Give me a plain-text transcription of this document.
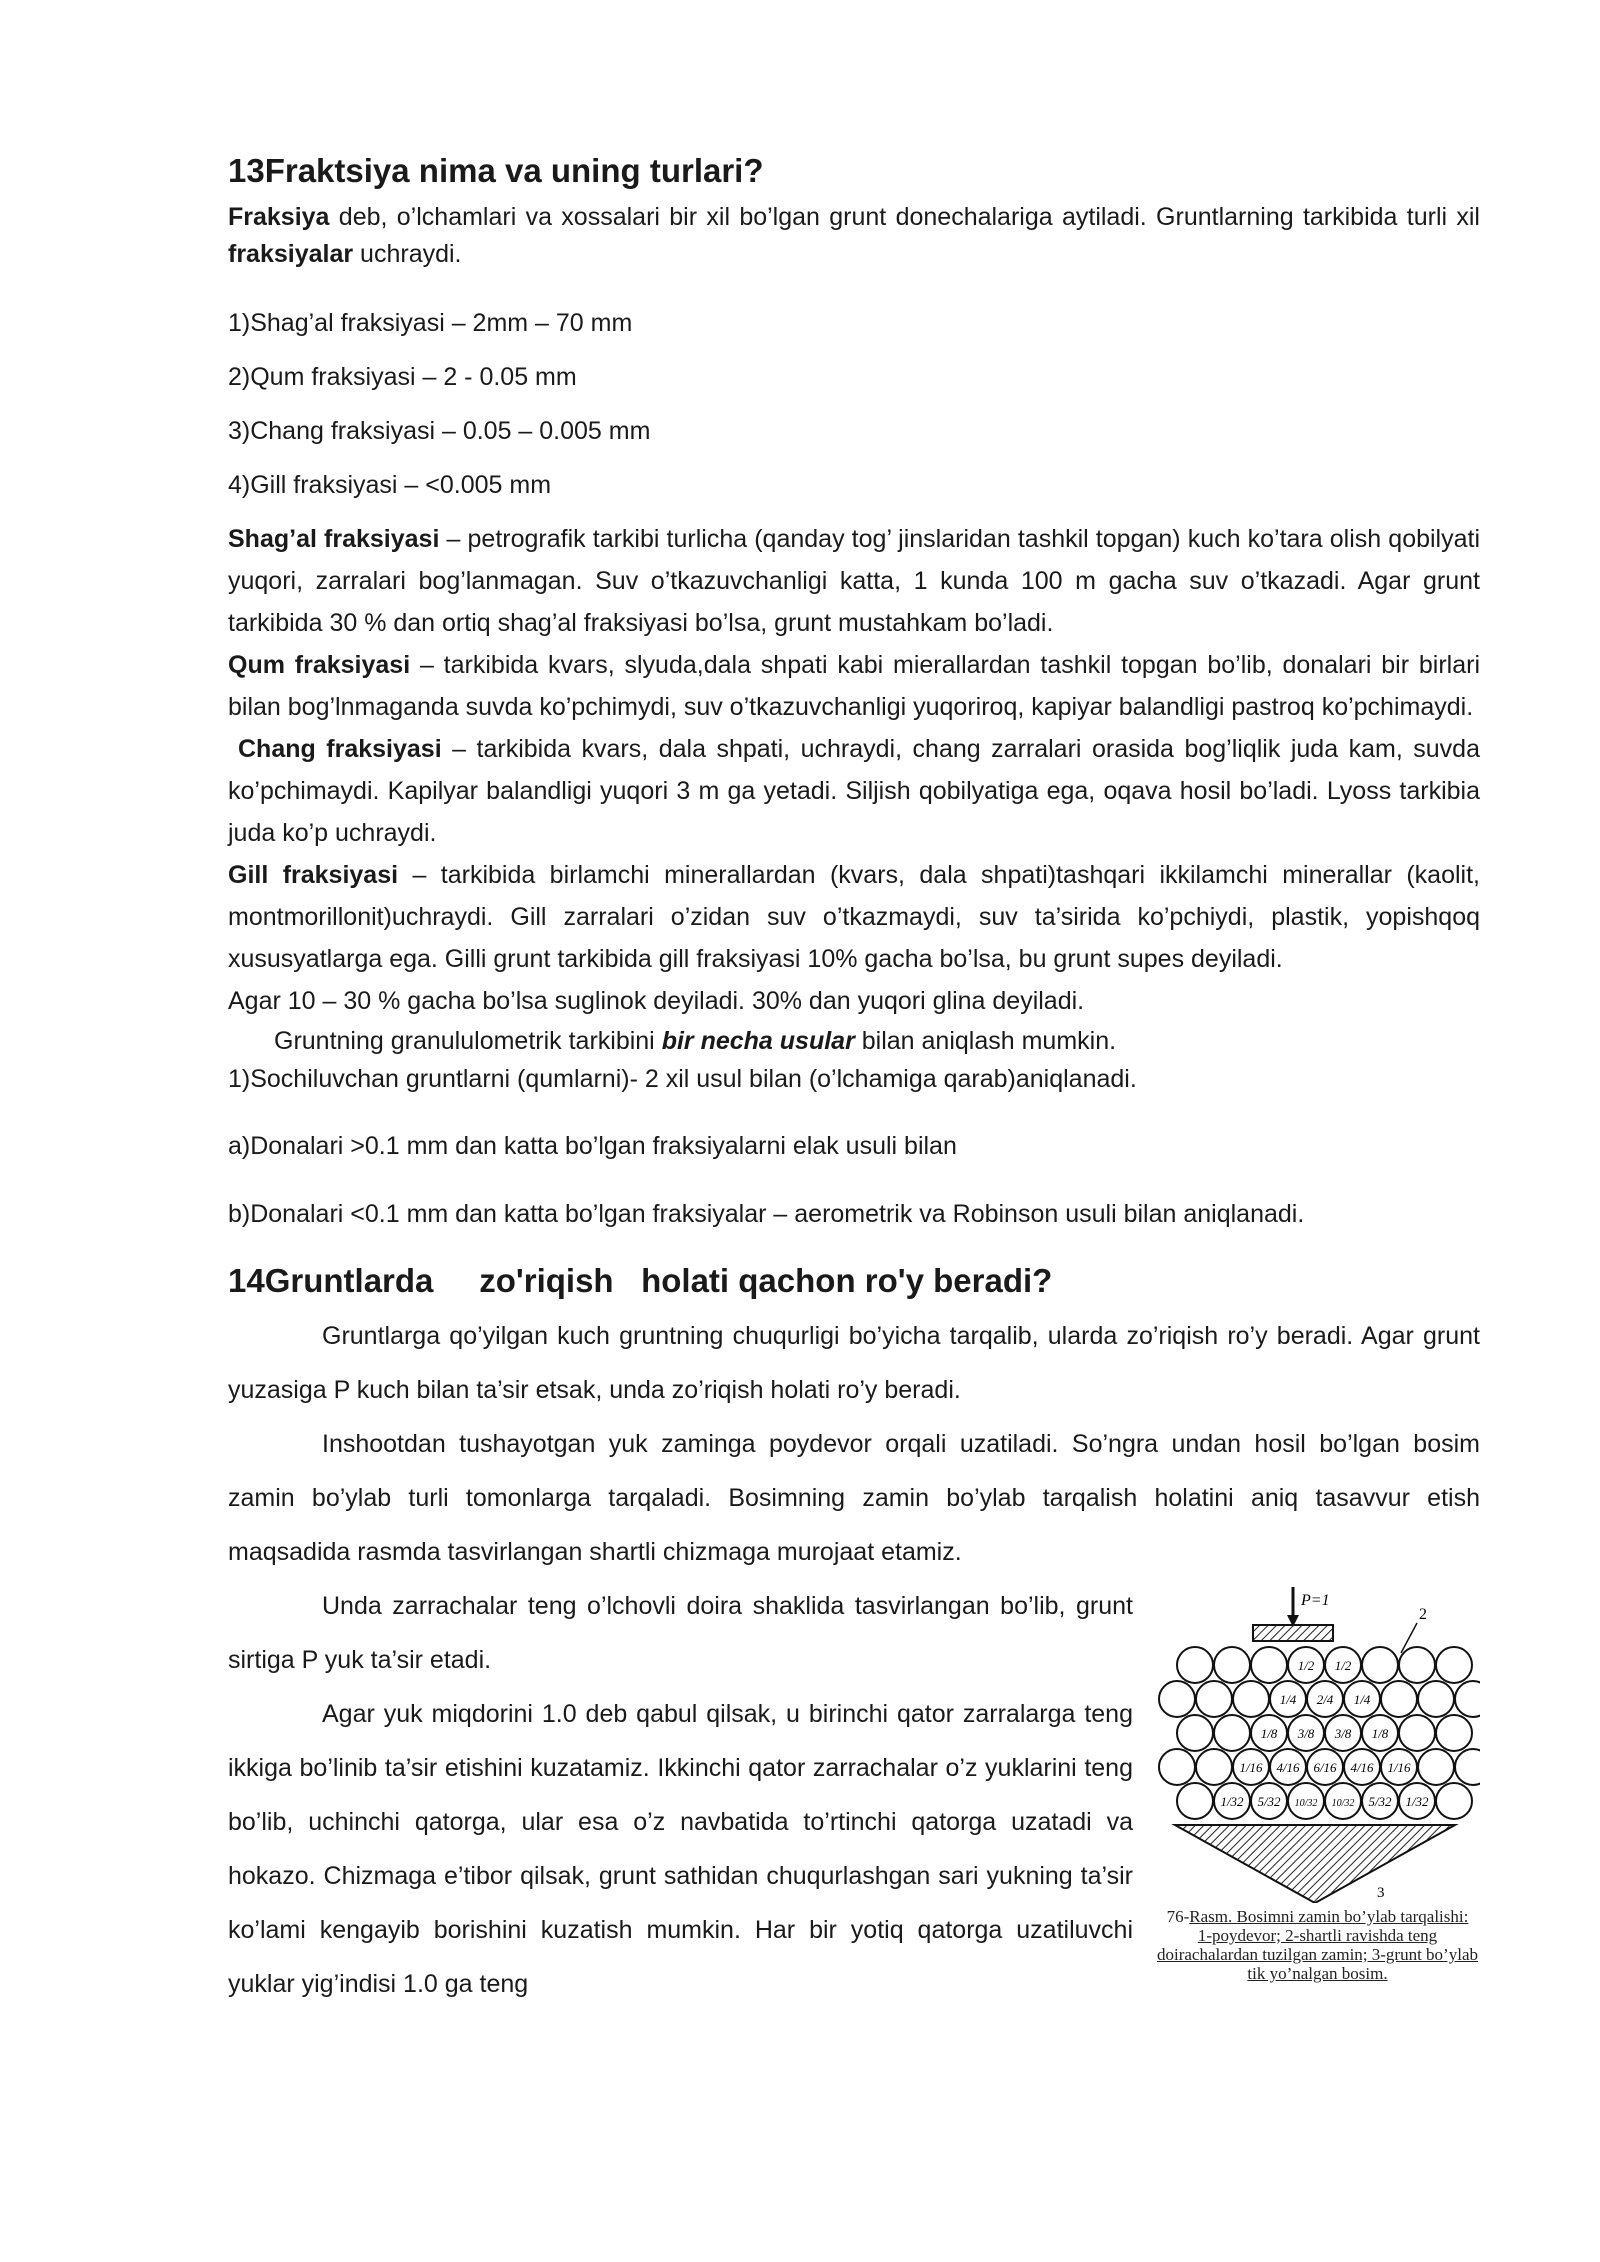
13Fraktsiya nima va uning turlari?

Fraksiya deb, o’lchamlari va xossalari bir xil bo’lgan grunt donechalariga aytiladi. Gruntlarning tarkibida turli xil fraksiyalar uchraydi.

1)Shag’al fraksiyasi – 2mm – 70 mm

2)Qum fraksiyasi – 2 - 0.05 mm

3)Chang fraksiyasi – 0.05 – 0.005 mm

4)Gill fraksiyasi – <0.005 mm

Shag’al fraksiyasi – petrografik tarkibi turlicha (qanday tog’ jinslaridan tashkil topgan) kuch ko’tara olish qobilyati yuqori, zarralari bog’lanmagan. Suv o’tkazuvchanligi katta, 1 kunda 100 m gacha suv o’tkazadi. Agar grunt tarkibida 30 % dan ortiq shag’al fraksiyasi bo’lsa, grunt mustahkam bo’ladi.

Qum fraksiyasi – tarkibida kvars, slyuda,dala shpati kabi mierallardan tashkil topgan bo’lib, donalari bir birlari bilan bog’lnmaganda suvda ko’pchimydi, suv o’tkazuvchanligi yuqoriroq, kapiyar balandligi pastroq ko’pchimaydi.

Chang fraksiyasi – tarkibida kvars, dala shpati, uchraydi, chang zarralari orasida bog’liqlik juda kam, suvda ko’pchimaydi. Kapilyar balandligi yuqori 3 m ga yetadi. Siljish qobilyatiga ega, oqava hosil bo’ladi. Lyoss tarkibia juda ko’p uchraydi.

Gill fraksiyasi – tarkibida birlamchi minerallardan (kvars, dala shpati)tashqari ikkilamchi minerallar (kaolit, montmorillonit)uchraydi. Gill zarralari o’zidan suv o’tkazmaydi, suv ta’sirida ko’pchiydi, plastik, yopishqoq xususyatlarga ega. Gilli grunt tarkibida gill fraksiyasi 10% gacha bo’lsa, bu grunt supes deyiladi.

Agar 10 – 30 % gacha bo’lsa suglinok deyiladi. 30% dan yuqori glina deyiladi.

Gruntning granululometrik tarkibini bir necha usular bilan aniqlash mumkin.

1)Sochiluvchan gruntlarni (qumlarni)- 2 xil usul bilan (o’lchamiga qarab)aniqlanadi.

a)Donalari >0.1 mm dan katta bo’lgan fraksiyalarni elak usuli bilan

b)Donalari <0.1 mm dan katta bo’lgan fraksiyalar – aerometrik va Robinson usuli bilan aniqlanadi.

14Gruntlarda     zo'riqish   holati qachon ro'y beradi?

Gruntlarga qo’yilgan kuch gruntning chuqurligi bo’yicha tarqalib, ularda zo’riqish ro’y beradi. Agar grunt yuzasiga P kuch bilan ta’sir etsak, unda zo’riqish holati ro’y beradi.

Inshootdan tushayotgan yuk zaminga poydevor orqali uzatiladi. So’ngra undan hosil bo’lgan bosim zamin bo’ylab turli tomonlarga tarqaladi. Bosimning zamin bo’ylab tarqalish holatini aniq tasavvur etish maqsadida rasmda tasvirlangan shartli chizmaga murojaat etamiz.

Unda zarrachalar teng o’lchovli doira shaklida tasvirlangan bo’lib, grunt sirtiga P yuk ta’sir etadi.

Agar yuk miqdorini 1.0 deb qabul qilsak, u birinchi qator zarralarga teng ikkiga bo’linib ta’sir etishini kuzatamiz. Ikkinchi qator zarrachalar o’z yuklarini teng bo’lib, uchinchi qatorga, ular esa o’z navbatida to’rtinchi qatorga uzatadi va hokazo. Chizmaga e’tibor qilsak, grunt sathidan chuqurlashgan sari yukning ta’sir ko’lami kengayib borishini kuzatish mumkin. Har bir yotiq qatorga uzatiluvchi yuklar yig’indisi 1.0 ga teng

P=1
2
1/2 1/2
1/4 2/4 1/4
1/8 3/8 3/8 1/8
1/16 4/16 6/16 4/16 1/16
1/32 5/32 10/32 10/32 5/32 1/32
3
76-Rasm. Bosimni zamin bo’ylab tarqalishi:
1-poydevor; 2-shartli ravishda teng doirachalardan tuzilgan zamin; 3-grunt bo’ylab tik yo’nalgan bosim.
